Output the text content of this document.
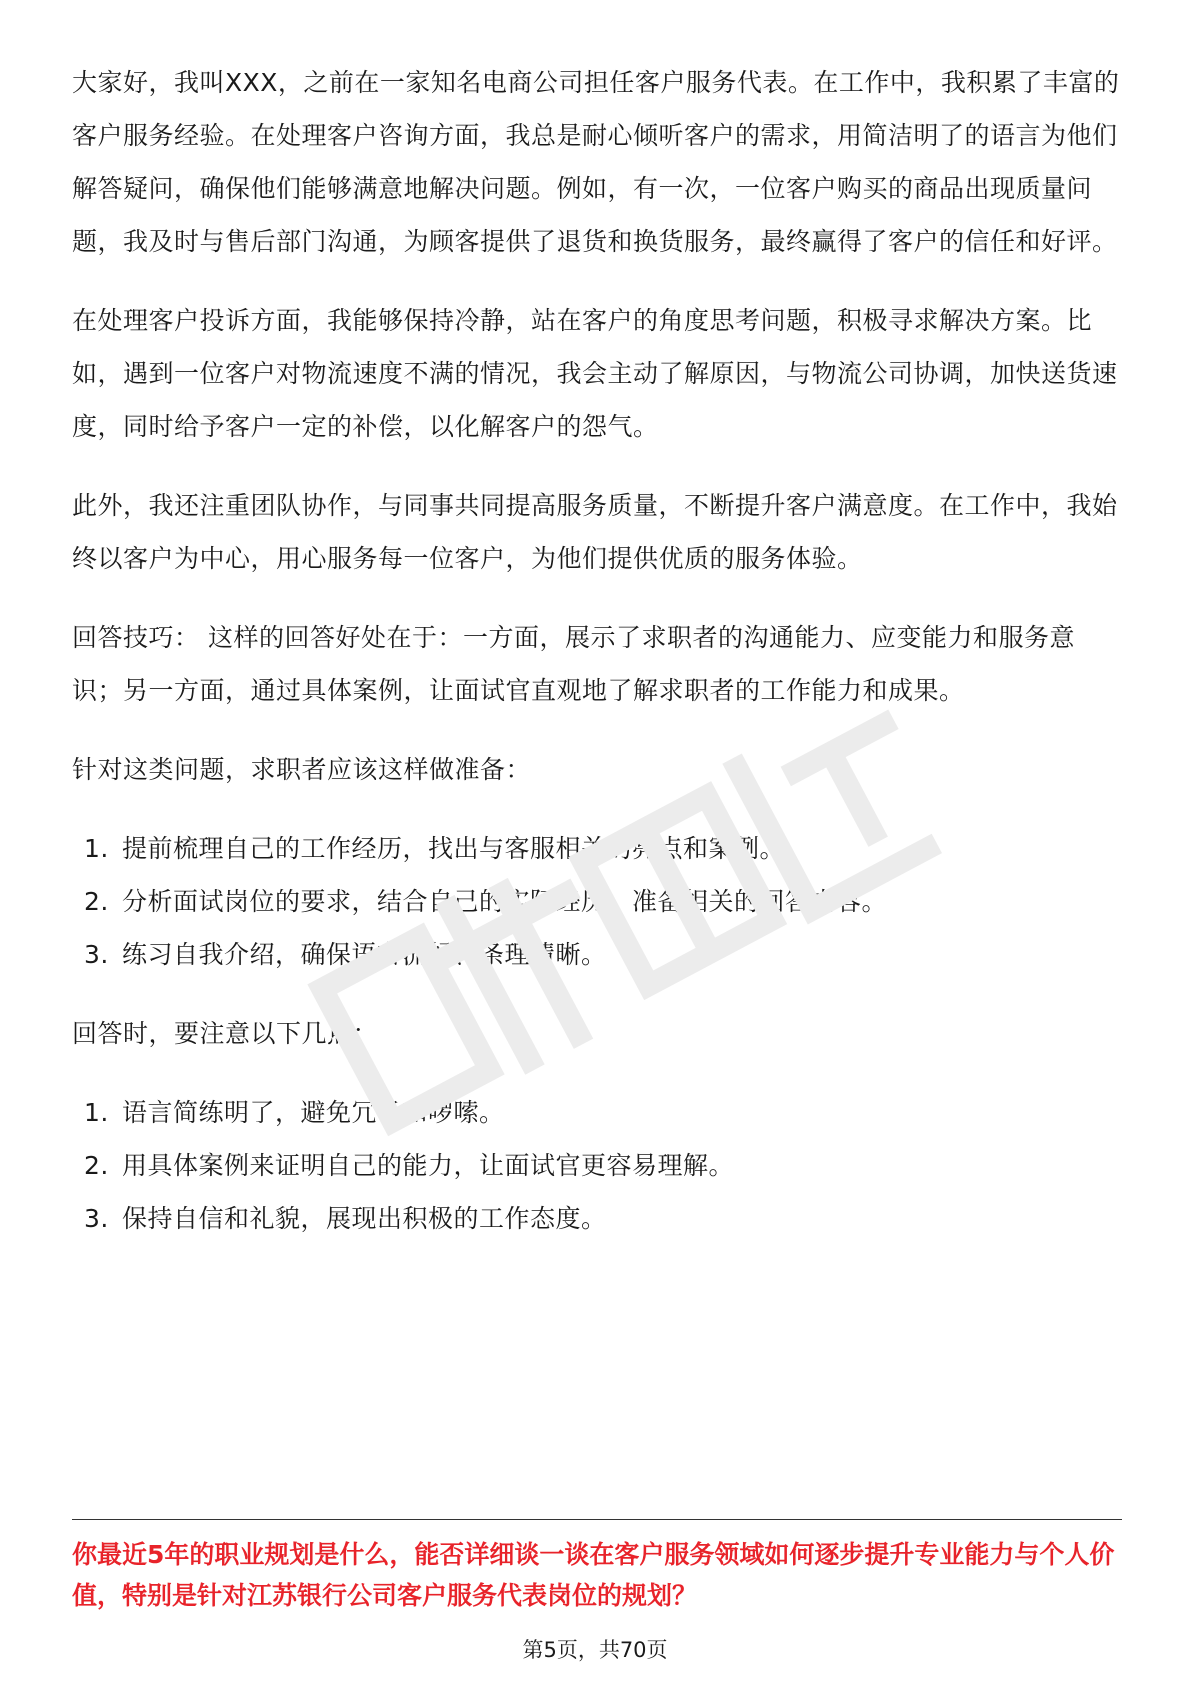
大家好，我叫XXX，之前在一家知名电商公司担任客户服务代表。在工作中，我积累了丰富的客户服务经验。在处理客户咨询方面，我总是耐心倾听客户的需求，用简洁明了的语言为他们解答疑问，确保他们能够满意地解决问题。例如，有一次，一位客户购买的商品出现质量问题，我及时与售后部门沟通，为顾客提供了退货和换货服务，最终赢得了客户的信任和好评。

在处理客户投诉方面，我能够保持冷静，站在客户的角度思考问题，积极寻求解决方案。比如，遇到一位客户对物流速度不满的情况，我会主动了解原因，与物流公司协调，加快送货速度，同时给予客户一定的补偿，以化解客户的怨气。

此外，我还注重团队协作，与同事共同提高服务质量，不断提升客户满意度。在工作中，我始终以客户为中心，用心服务每一位客户，为他们提供优质的服务体验。

回答技巧： 这样的回答好处在于：一方面，展示了求职者的沟通能力、应变能力和服务意识；另一方面，通过具体案例，让面试官直观地了解求职者的工作能力和成果。

针对这类问题，求职者应该这样做准备：

1. 提前梳理自己的工作经历，找出与客服相关的亮点和案例。
2. 分析面试岗位的要求，结合自己的实际经历，准备相关的回答内容。
3. 练习自我介绍，确保语言流畅、条理清晰。

回答时，要注意以下几点：

1. 语言简练明了，避免冗长和啰嗦。
2. 用具体案例来证明自己的能力，让面试官更容易理解。
3. 保持自信和礼貌，展现出积极的工作态度。

你最近5年的职业规划是什么，能否详细谈一谈在客户服务领域如何逐步提升专业能力与个人价值，特别是针对江苏银行公司客户服务代表岗位的规划？

第5页，共70页
